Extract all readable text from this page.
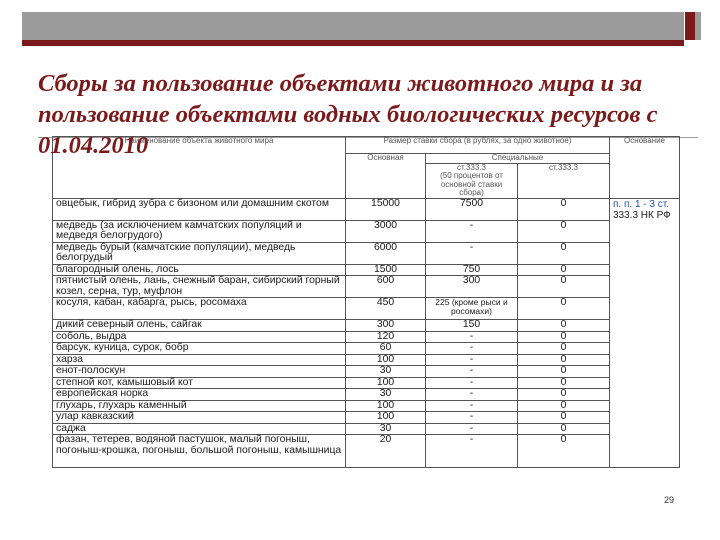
Сборы за пользование объектами животного мира и за пользование объектами водных биологических ресурсов с 01.04.2010
Наименование объекта животного мира	Размер ставки сбора (в рублях, за одно животное)			Основание
	Основная	Специальные		
		ст.333.3
(50 процентов от основной ставки сбора)	ст.333.3	
овцебык, гибрид зубра с бизоном или домашним скотом	15000	7500	0	п. п. 1 - 3 ст.
333.3 НК РФ

медведь (за исключением камчатских популяций и медведя белогрудого)	3000	-	0	
медведь бурый (камчатские популяции), медведь белогрудый	6000	-	0	
благородный олень, лось	1500	750	0	
пятнистый олень, лань, снежный баран, сибирский горный козел, серна, тур, муфлон	600	300	0	
косуля, кабан, кабарга, рысь, росомаха	450	225 (кроме рыси и росомахи)	0	
дикий северный олень, сайгак	300	150	0	
соболь, выдра	120	-	0	
барсук, куница, сурок, бобр	60	-	0	
харза	100	-	0	
енот-полоскун	30	-	0	
степной кот, камышовый кот	100	-	0	
европейская норка	30	-	0	
глухарь, глухарь каменный	100	-	0	
улар кавказский	100	-	0	
саджа	30	-	0	
фазан, тетерев, водяной пастушок, малый погоныш, погоныш-крошка, погоныш, большой погоныш, камышница	20	-	0	
29
